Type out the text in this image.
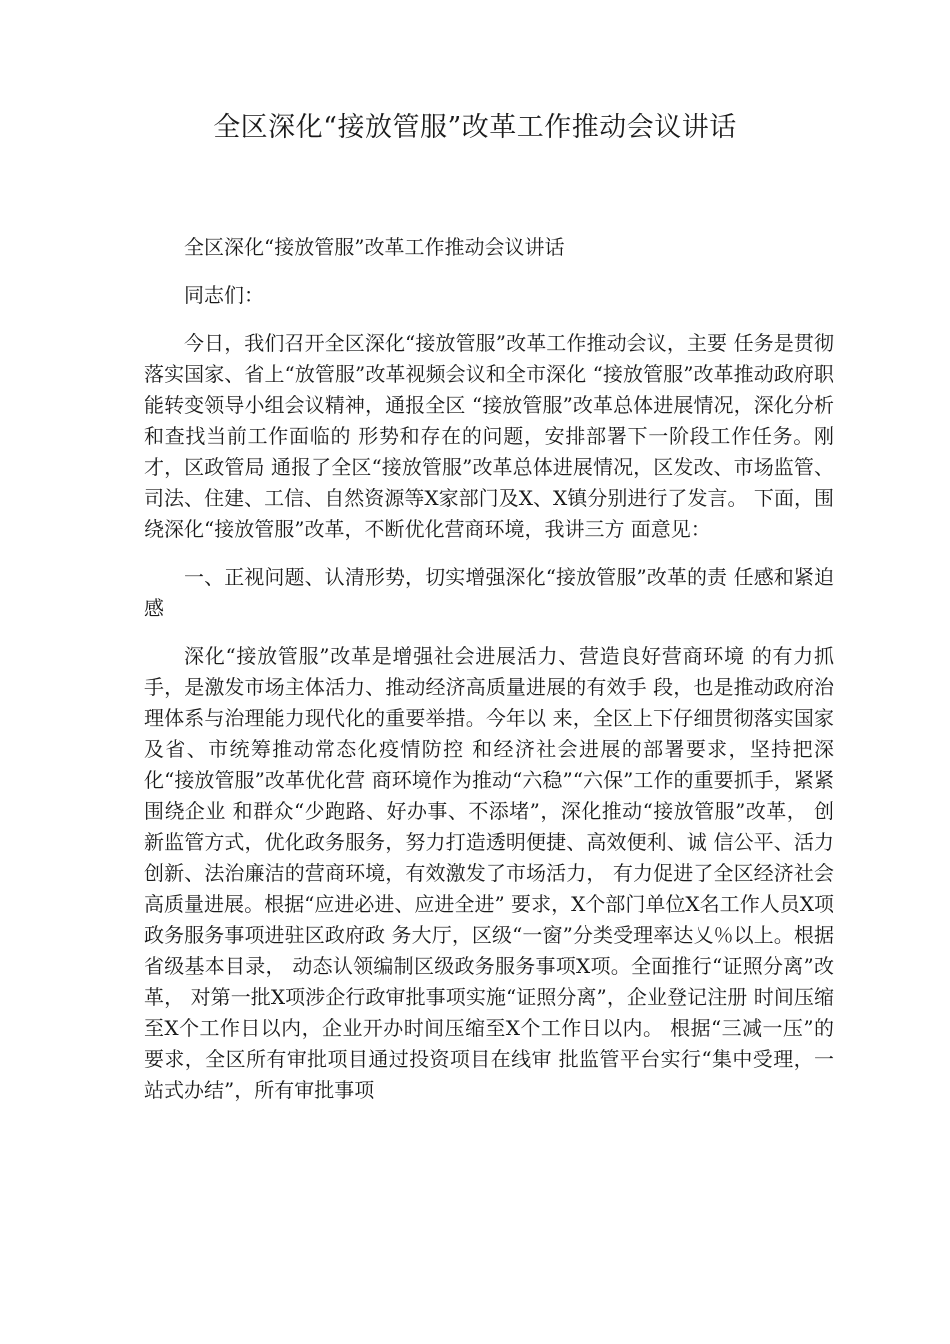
全区深化“接放管服”改革工作推动会议讲话

全区深化“接放管服”改革工作推动会议讲话

同志们：

今日，我们召开全区深化“接放管服”改革工作推动会议，主要 任务是贯彻落实国家、省上“放管服”改革视频会议和全市深化 “接放管服”改革推动政府职能转变领导小组会议精神，通报全区 “接放管服”改革总体进展情况，深化分析和查找当前工作面临的 形势和存在的问题，安排部署下一阶段工作任务。刚才，区政管局 通报了全区“接放管服”改革总体进展情况，区发改、市场监管、 司法、住建、工信、自然资源等X家部门及X、X镇分别进行了发言。 下面，围绕深化“接放管服”改革，不断优化营商环境，我讲三方 面意见：

一、正视问题、认清形势，切实增强深化“接放管服”改革的责 任感和紧迫感

深化“接放管服”改革是增强社会进展活力、营造良好营商环境 的有力抓手，是激发市场主体活力、推动经济高质量进展的有效手 段，也是推动政府治理体系与治理能力现代化的重要举措。今年以 来，全区上下仔细贯彻落实国家及省、市统筹推动常态化疫情防控 和经济社会进展的部署要求，坚持把深化“接放管服”改革优化营 商环境作为推动“六稳”“六保”工作的重要抓手，紧紧围绕企业 和群众“少跑路、好办事、不添堵”，深化推动“接放管服”改革， 创新监管方式，优化政务服务，努力打造透明便捷、高效便利、诚 信公平、活力创新、法治廉洁的营商环境，有效激发了市场活力， 有力促进了全区经济社会高质量进展。根据“应进必进、应进全进” 要求，X个部门单位X名工作人员X项政务服务事项进驻区政府政 务大厅，区级“一窗”分类受理率达乂％以上。根据省级基本目录， 动态认领编制区级政务服务事项X项。全面推行“证照分离”改革， 对第一批X项涉企行政审批事项实施“证照分离”，企业登记注册 时间压缩至X个工作日以内，企业开办时间压缩至X个工作日以内。 根据“三减一压”的要求，全区所有审批项目通过投资项目在线审 批监管平台实行“集中受理，一站式办结”，所有审批事项
